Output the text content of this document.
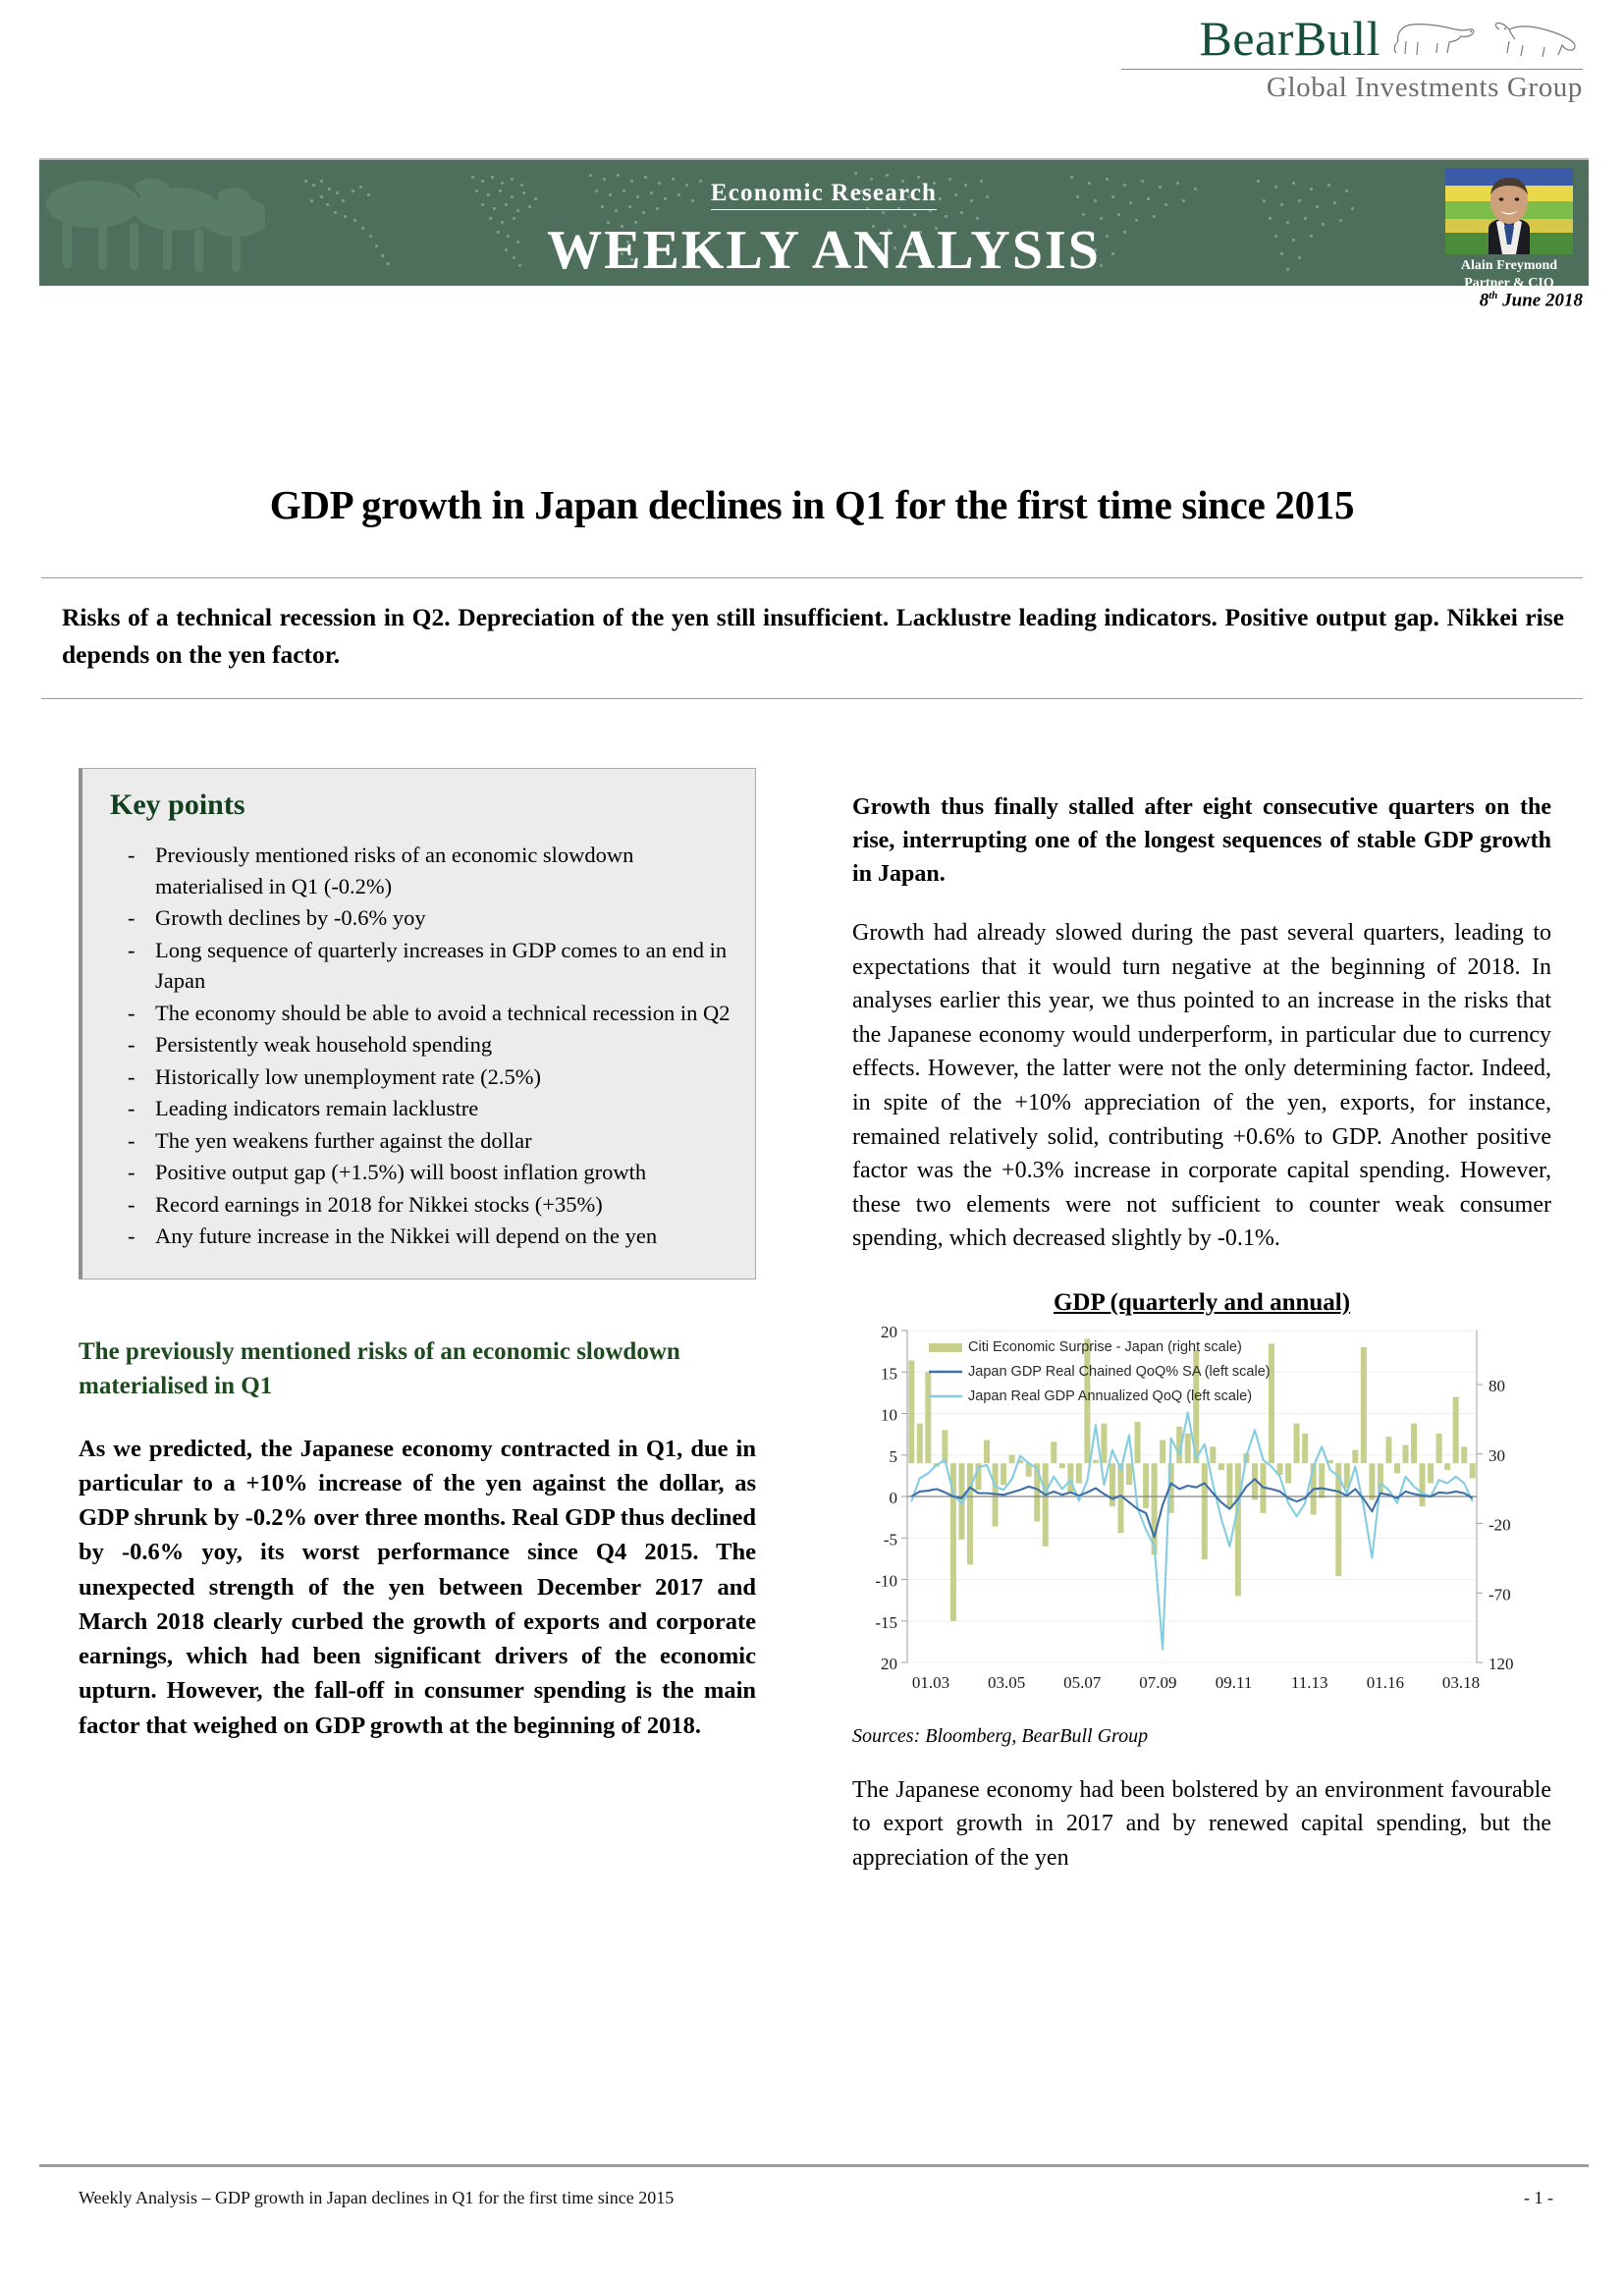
BearBull
Global Investments Group
Economic Research
WEEKLY ANALYSIS	Alain Freymond
Partner & CIO
8th June 2018
GDP growth in Japan declines in Q1 for the first time since 2015
Risks of a technical recession in Q2. Depreciation of the yen still insufficient. Lacklustre leading indicators. Positive output gap. Nikkei rise depends on the yen factor.
Key points
- Previously mentioned risks of an economic slowdown materialised in Q1 (-0.2%)
- Growth declines by -0.6% yoy
- Long sequence of quarterly increases in GDP comes to an end in Japan
- The economy should be able to avoid a technical recession in Q2
- Persistently weak household spending
- Historically low unemployment rate (2.5%)
- Leading indicators remain lacklustre
- The yen weakens further against the dollar
- Positive output gap (+1.5%) will boost inflation growth
- Record earnings in 2018 for Nikkei stocks (+35%)
- Any future increase in the Nikkei will depend on the yen
The previously mentioned risks of an economic slowdown materialised in Q1
As we predicted, the Japanese economy contracted in Q1, due in particular to a +10% increase of the yen against the dollar, as GDP shrunk by -0.2% over three months. Real GDP thus declined by -0.6% yoy, its worst performance since Q4 2015. The unexpected strength of the yen between December 2017 and March 2018 clearly curbed the growth of exports and corporate earnings, which had been significant drivers of the economic upturn. However, the fall-off in consumer spending is the main factor that weighed on GDP growth at the beginning of 2018.

Growth thus finally stalled after eight consecutive quarters on the rise, interrupting one of the longest sequences of stable GDP growth in Japan.

Growth had already slowed during the past several quarters, leading to expectations that it would turn negative at the beginning of 2018. In analyses earlier this year, we thus pointed to an increase in the risks that the Japanese economy would underperform, in particular due to currency effects. However, the latter were not the only determining factor. Indeed, in spite of the +10% appreciation of the yen, exports, for instance, remained relatively solid, contributing +0.6% to GDP. Another positive factor was the +0.3% increase in corporate capital spending. However, these two elements were not sufficient to counter weak consumer spending, which decreased slightly by -0.1%.

GDP (quarterly and annual)
20
15
10
5
0
-5
-10
-15
20
80
30
-20
-70
120
01.03 03.05 05.07 07.09 09.11 11.13 01.16 03.18
Citi Economic Surprise - Japan (right scale)
Japan GDP Real Chained QoQ% SA (left scale)
Japan Real GDP Annualized QoQ (left scale)
Sources: Bloomberg, BearBull Group

The Japanese economy had been bolstered by an environment favourable to export growth in 2017 and by renewed capital spending, but the appreciation of the yen

Weekly Analysis – GDP growth in Japan declines in Q1 for the first time since 2015	- 1 -
